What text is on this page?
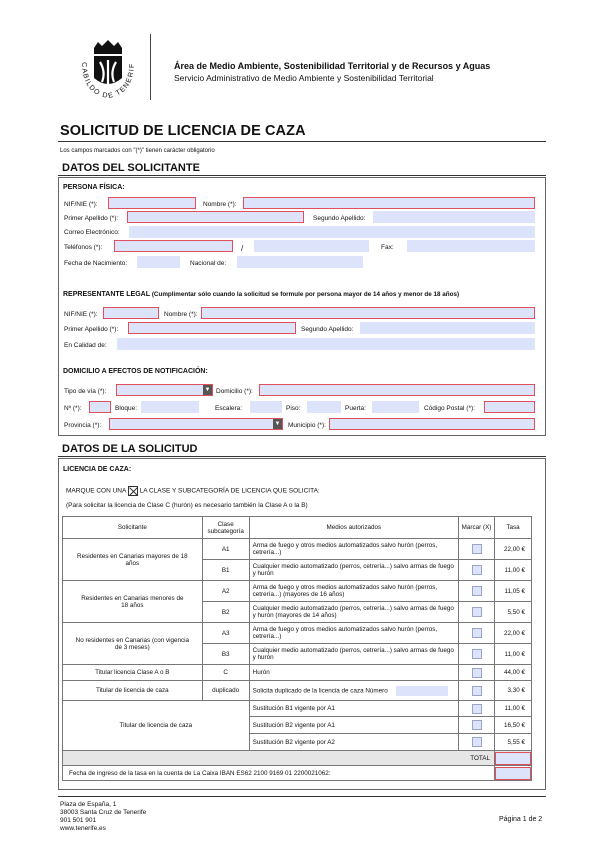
CABILDO DE TENERIF	Área de Medio Ambiente, Sostenibilidad Territorial y de Recursos y Aguas
Servicio Administrativo de Medio Ambiente y Sostenibilidad Territorial
SOLICITUD DE LICENCIA DE CAZA
Los campos marcados con "(*)" tienen carácter obligatorio
DATOS DEL SOLICITANTE
PERSONA FÍSICA:
NIF/NIE (*):	Nombre (*):
Primer Apellido (*):	Segundo Apellido:
Correo Electrónico:
Teléfonos (*):	/	Fax:
Fecha de Nacimiento:	Nacional de:
REPRESENTANTE LEGAL (Cumplimentar sólo cuando la solicitud se formule por persona mayor de 14 años y menor de 18 años)
NIF/NIE (*):	Nombre (*):
Primer Apellido (*):	Segundo Apellido:
En Calidad de:
DOMICILIO A EFECTOS DE NOTIFICACIÓN:
Tipo de vía (*):	▼ Domicilio (*):
Nº (*):	Bloque:	Escalera:	Piso:	Puerta:	Código Postal (*):
Provincia (*):	▼ Municipio (*):
DATOS DE LA SOLICITUD
LICENCIA DE CAZA:
MARQUE CON UNA LA CLASE Y SUBCATEGORÍA DE LICENCIA QUE SOLICITA:
(Para solicitar la licencia de Clase C (hurón) es necesario también la Clase A o la B)
Solicitante	Clase subcategoría	Medios autorizados	Marcar (X)	Tasa
Residentes en Canarias mayores de 18 años	A1	Arma de fuego y otros medios automatizados salvo hurón (perros, cetrería...)		22,00 €
	B1	Cualquier medio automatizado (perros, cetrería...) salvo armas de fuego y hurón		11,00 €
Residentes en Canarias menores de 18 años	A2	Arma de fuego y otros medios automatizados salvo hurón (perros, cetrería...) (mayores de 16 años)		11,05 €
	B2	Cualquier medio automatizado (perros, cetrería...) salvo armas de fuego y hurón (mayores de 14 años)		5,50 €
No residentes en Canarias (con vigencia de 3 meses)	A3	Arma de fuego y otros medios automatizados salvo hurón (perros, cetrería...)		22,00 €
	B3	Cualquier medio automatizado (perros, cetrería...) salvo armas de fuego y hurón		11,00 €
Titular licencia Clase A o B	C	Hurón		44,00 €
Titular de licencia de caza	duplicado	Solicita duplicado de la licencia de caza Número		3,30 €
Titular de licencia de caza		Sustitución B1 vigente por A1		11,00 €
		Sustitución B2 vigente por A1		16,50 €
		Sustitución B2 vigente por A2		5,55 €
TOTAL				

Fecha de ingreso de la tasa en la cuenta de La Caixa IBAN ES62 2100 9169 01 2200021062:				
Plaza de España, 1
38003 Santa Cruz de Tenerife
901 501 901
www.tenerife.es
Página 1 de 2
